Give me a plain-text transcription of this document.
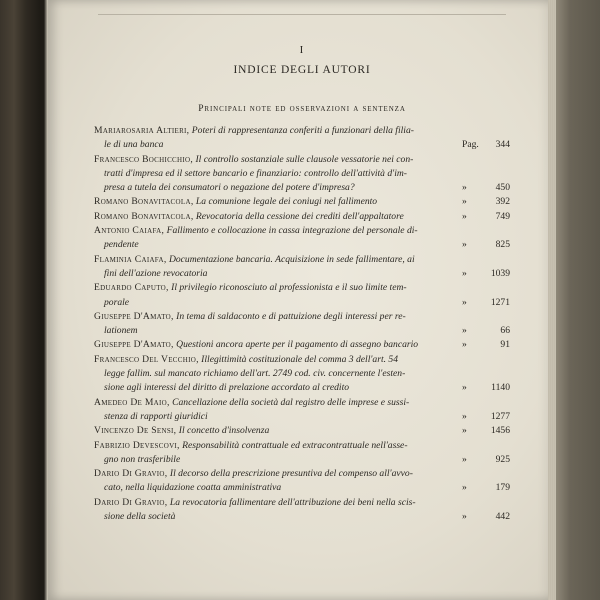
I
INDICE DEGLI AUTORI
Principali note ed osservazioni a sentenza
Mariarosaria Altieri, Poteri di rappresentanza conferiti a funzionari della filia-
le di una banca	Pag. 344
Francesco Bochicchio, Il controllo sostanziale sulle clausole vessatorie nei con-
tratti d'impresa ed il settore bancario e finanziario: controllo dell'attività d'im-
presa a tutela dei consumatori o negazione del potere d'impresa?	»	450
Romano Bonavitacola, La comunione legale dei coniugi nel fallimento	»	392
Romano Bonavitacola, Revocatoria della cessione dei crediti dell'appaltatore	»	749
Antonio Caiafa, Fallimento e collocazione in cassa integrazione del personale di-
pendente	»	825
Flaminia Caiafa, Documentazione bancaria. Acquisizione in sede fallimentare, ai
fini dell'azione revocatoria	»	1039
Eduardo Caputo, Il privilegio riconosciuto al professionista e il suo limite tem-
porale	»	1271
Giuseppe D'Amato, In tema di saldaconto e di pattuizione degli interessi per re-
lationem	»	66
Giuseppe D'Amato, Questioni ancora aperte per il pagamento di assegno bancario	»	91
Francesco Del Vecchio, Illegittimità costituzionale del comma 3 dell'art. 54
legge fallim. sul mancato richiamo dell'art. 2749 cod. civ. concernente l'esten-
sione agli interessi del diritto di prelazione accordato al credito	»	1140
Amedeo De Maio, Cancellazione della società dal registro delle imprese e sussi-
stenza di rapporti giuridici	»	1277
Vincenzo De Sensi, Il concetto d'insolvenza	»	1456
Fabrizio Devescovi, Responsabilità contrattuale ed extracontrattuale nell'asse-
gno non trasferibile	»	925
Dario Di Gravio, Il decorso della prescrizione presuntiva del compenso all'avvo-
cato, nella liquidazione coatta amministrativa	»	179
Dario Di Gravio, La revocatoria fallimentare dell'attribuzione dei beni nella scis-
sione della società	»	442
